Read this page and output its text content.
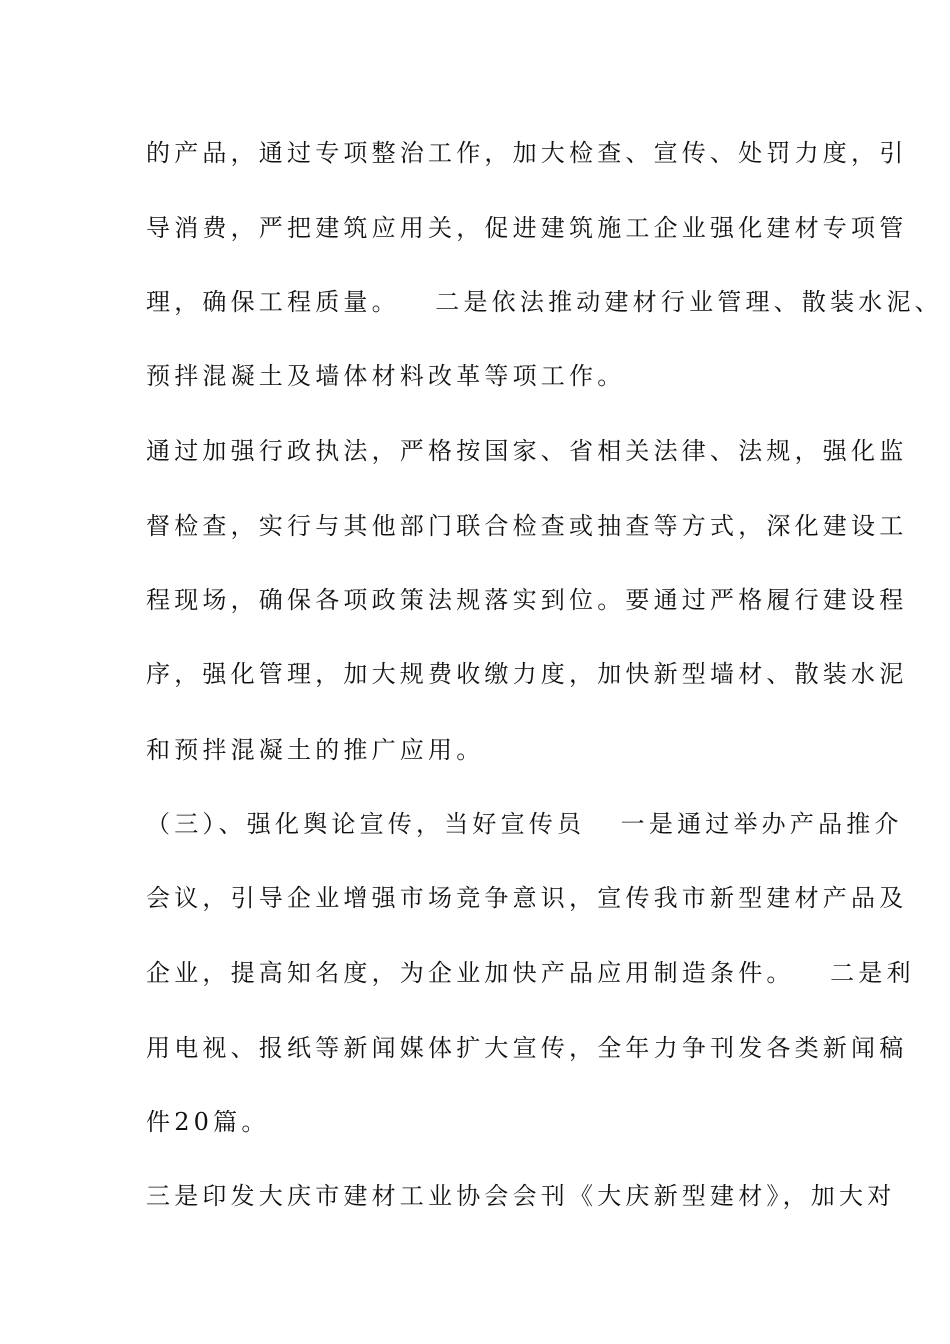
的产品，通过专项整治工作，加大检查、宣传、处罚力度，引

导消费，严把建筑应用关，促进建筑施工企业强化建材专项管

理，确保工程质量。   二是依法推动建材行业管理、散装水泥、

预拌混凝土及墙体材料改革等项工作。

通过加强行政执法，严格按国家、省相关法律、法规，强化监

督检查，实行与其他部门联合检查或抽查等方式，深化建设工

程现场，确保各项政策法规落实到位。要通过严格履行建设程

序，强化管理，加大规费收缴力度，加快新型墙材、散装水泥

和预拌混凝土的推广应用。

（三）、强化舆论宣传，当好宣传员   一是通过举办产品推介

会议，引导企业增强市场竞争意识，宣传我市新型建材产品及

企业，提高知名度，为企业加快产品应用制造条件。   二是利

用电视、报纸等新闻媒体扩大宣传，全年力争刊发各类新闻稿

件20篇。

三是印发大庆市建材工业协会会刊《大庆新型建材》，加大对
